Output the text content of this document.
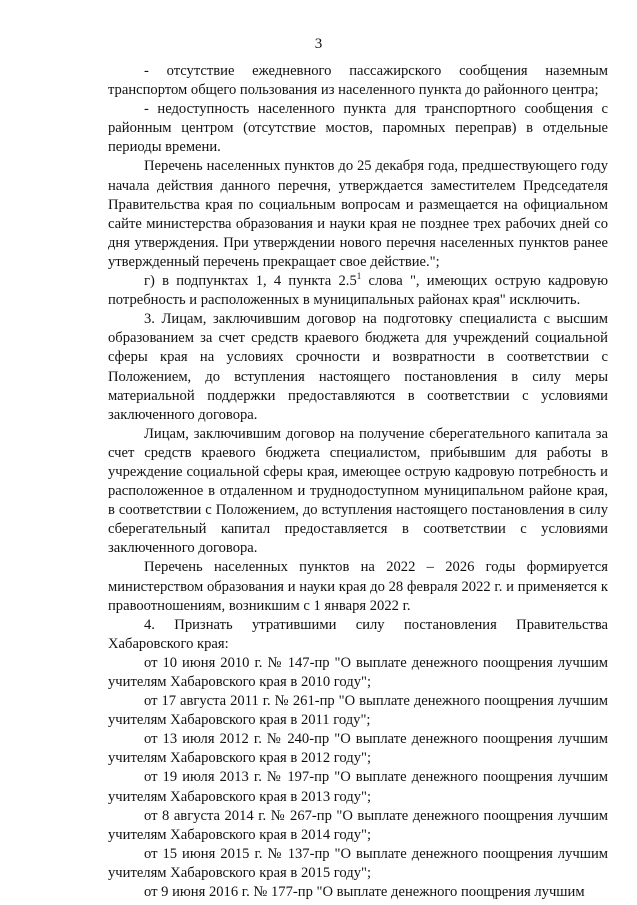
3

- отсутствие ежедневного пассажирского сообщения наземным транспортом общего пользования из населенного пункта до районного центра;

- недоступность населенного пункта для транспортного сообщения с районным центром (отсутствие мостов, паромных переправ) в отдельные периоды времени.

Перечень населенных пунктов до 25 декабря года, предшествующего году начала действия данного перечня, утверждается заместителем Председателя Правительства края по социальным вопросам и размещается на официальном сайте министерства образования и науки края не позднее трех рабочих дней со дня утверждения. При утверждении нового перечня населенных пунктов ранее утвержденный перечень прекращает свое действие.";

г) в подпунктах 1, 4 пункта $2.5^1$ слова ", имеющих острую кадровую потребность и расположенных в муниципальных районах края" исключить.

3. Лицам, заключившим договор на подготовку специалиста с высшим образованием за счет средств краевого бюджета для учреждений социальной сферы края на условиях срочности и возвратности в соответствии с Положением, до вступления настоящего постановления в силу меры материальной поддержки предоставляются в соответствии с условиями заключенного договора.

Лицам, заключившим договор на получение сберегательного капитала за счет средств краевого бюджета специалистом, прибывшим для работы в учреждение социальной сферы края, имеющее острую кадровую потребность и расположенное в отдаленном и труднодоступном муниципальном районе края, в соответствии с Положением, до вступления настоящего постановления в силу сберегательный капитал предоставляется в соответствии с условиями заключенного договора.

Перечень населенных пунктов на 2022 – 2026 годы формируется министерством образования и науки края до 28 февраля 2022 г. и применяется к правоотношениям, возникшим с 1 января 2022 г.

4. Признать утратившими силу постановления Правительства Хабаровского края:

от 10 июня 2010 г. № 147-пр "О выплате денежного поощрения лучшим учителям Хабаровского края в 2010 году";

от 17 августа 2011 г. № 261-пр "О выплате денежного поощрения лучшим учителям Хабаровского края в 2011 году";

от 13 июля 2012 г. № 240-пр "О выплате денежного поощрения лучшим учителям Хабаровского края в 2012 году";

от 19 июля 2013 г. № 197-пр "О выплате денежного поощрения лучшим учителям Хабаровского края в 2013 году";

от 8 августа 2014 г. № 267-пр "О выплате денежного поощрения лучшим учителям Хабаровского края в 2014 году";

от 15 июня 2015 г. № 137-пр "О выплате денежного поощрения лучшим учителям Хабаровского края в 2015 году";

от 9 июня 2016 г. № 177-пр "О выплате денежного поощрения лучшим
